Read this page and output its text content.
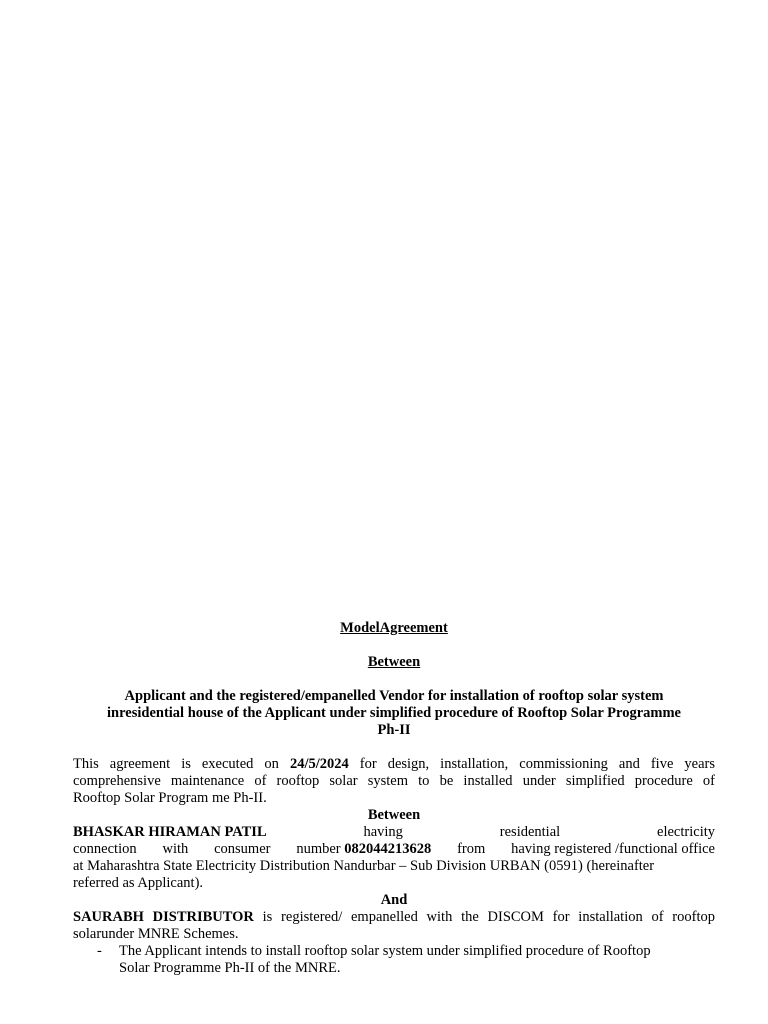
ModelAgreement
Between
Applicant and the registered/empanelled Vendor for installation of rooftop solar system
inresidential house of the Applicant under simplified procedure of Rooftop Solar Programme
Ph-II
This agreement is executed on 24/5/2024 for design, installation, commissioning and five years
comprehensive maintenance of rooftop solar system to be installed under simplified procedure of
Rooftop Solar Program me Ph-II.
Between
BHASKAR HIRAMAN PATIL	having	residential	electricity
connection with consumer number 082044213628 from having registered /functional office
at Maharashtra State Electricity Distribution Nandurbar – Sub Division URBAN (0591) (hereinafter
referred as Applicant).
And
SAURABH DISTRIBUTOR is registered/ empanelled with the DISCOM for installation of rooftop
solarunder MNRE Schemes.
-	The Applicant intends to install rooftop solar system under simplified procedure of Rooftop
Solar Programme Ph-II of the MNRE.
